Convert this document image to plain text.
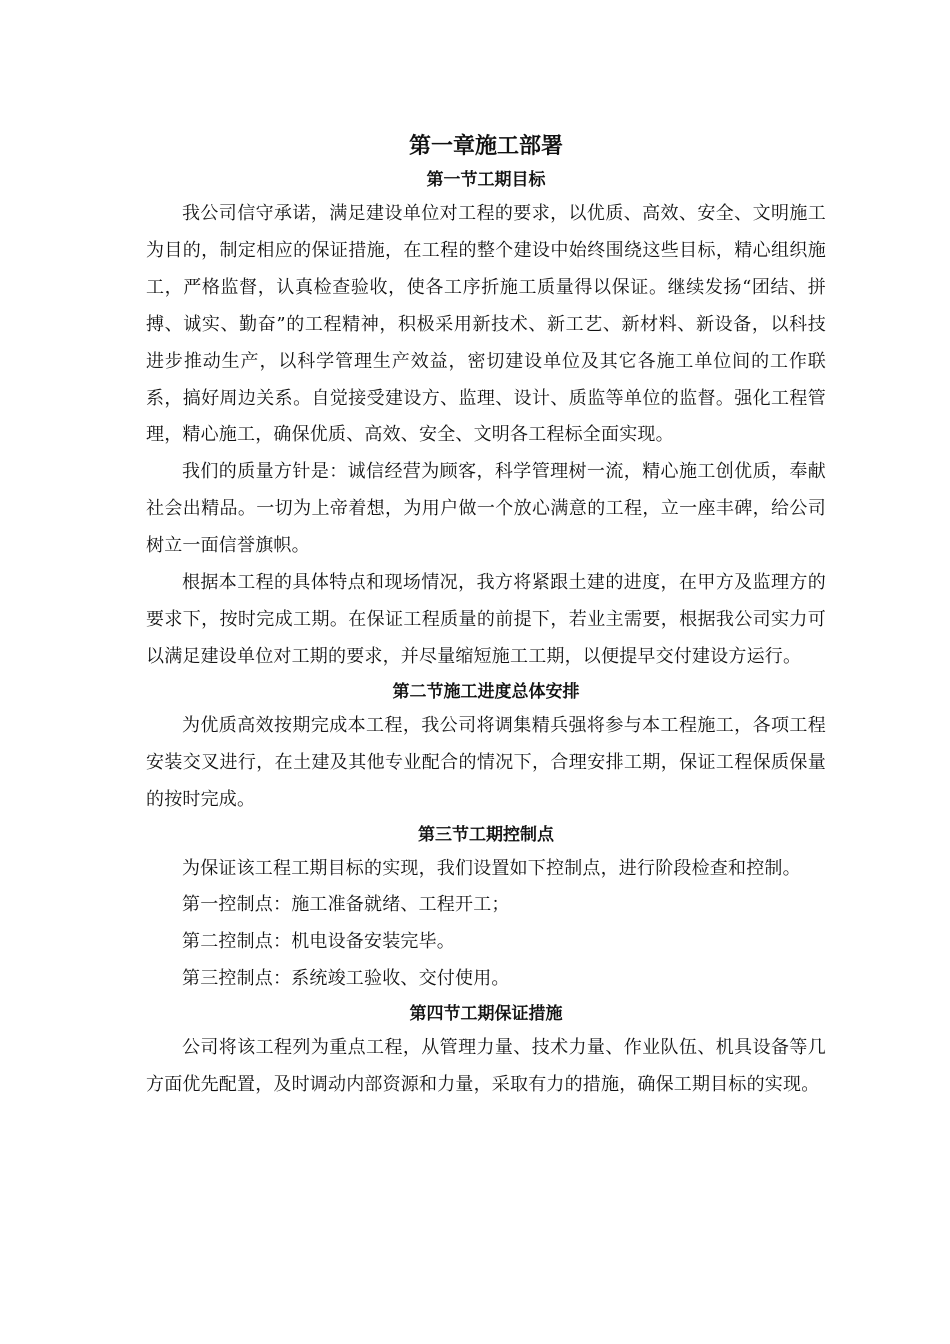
第一章施工部署
第一节工期目标

我公司信守承诺，满足建设单位对工程的要求，以优质、高效、安全、文明施工为目的，制定相应的保证措施，在工程的整个建设中始终围绕这些目标，精心组织施工，严格监督，认真检查验收，使各工序折施工质量得以保证。继续发扬“团结、拼搏、诚实、勤奋”的工程精神，积极采用新技术、新工艺、新材料、新设备，以科技进步推动生产，以科学管理生产效益，密切建设单位及其它各施工单位间的工作联系，搞好周边关系。自觉接受建设方、监理、设计、质监等单位的监督。强化工程管理，精心施工，确保优质、高效、安全、文明各工程标全面实现。

我们的质量方针是：诚信经营为顾客，科学管理树一流，精心施工创优质，奉献社会出精品。一切为上帝着想，为用户做一个放心满意的工程，立一座丰碑，给公司树立一面信誉旗帜。

根据本工程的具体特点和现场情况，我方将紧跟土建的进度，在甲方及监理方的要求下，按时完成工期。在保证工程质量的前提下，若业主需要，根据我公司实力可以满足建设单位对工期的要求，并尽量缩短施工工期，以便提早交付建设方运行。

第二节施工进度总体安排

为优质高效按期完成本工程，我公司将调集精兵强将参与本工程施工，各项工程安装交叉进行，在土建及其他专业配合的情况下，合理安排工期，保证工程保质保量的按时完成。

第三节工期控制点

为保证该工程工期目标的实现，我们设置如下控制点，进行阶段检查和控制。

第一控制点：施工准备就绪、工程开工；

第二控制点：机电设备安装完毕。

第三控制点：系统竣工验收、交付使用。

第四节工期保证措施

公司将该工程列为重点工程，从管理力量、技术力量、作业队伍、机具设备等几方面优先配置，及时调动内部资源和力量，采取有力的措施，确保工期目标的实现。
